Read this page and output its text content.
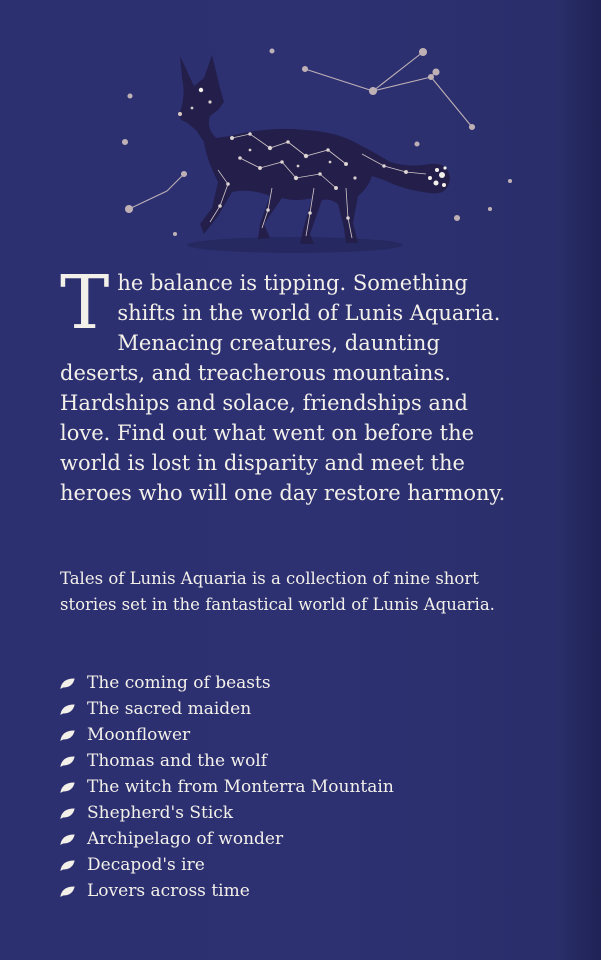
The balance is tipping. Something shifts in the world of Lunis Aquaria. Menacing creatures, daunting deserts, and treacherous mountains. Hardships and solace, friendships and love. Find out what went on before the world is lost in disparity and meet the heroes who will one day restore harmony.

Tales of Lunis Aquaria is a collection of nine short stories set in the fantastical world of Lunis Aquaria.

The coming of beasts
The sacred maiden
Moonflower
Thomas and the wolf
The witch from Monterra Mountain
Shepherd's Stick
Archipelago of wonder
Decapod's ire
Lovers across time
